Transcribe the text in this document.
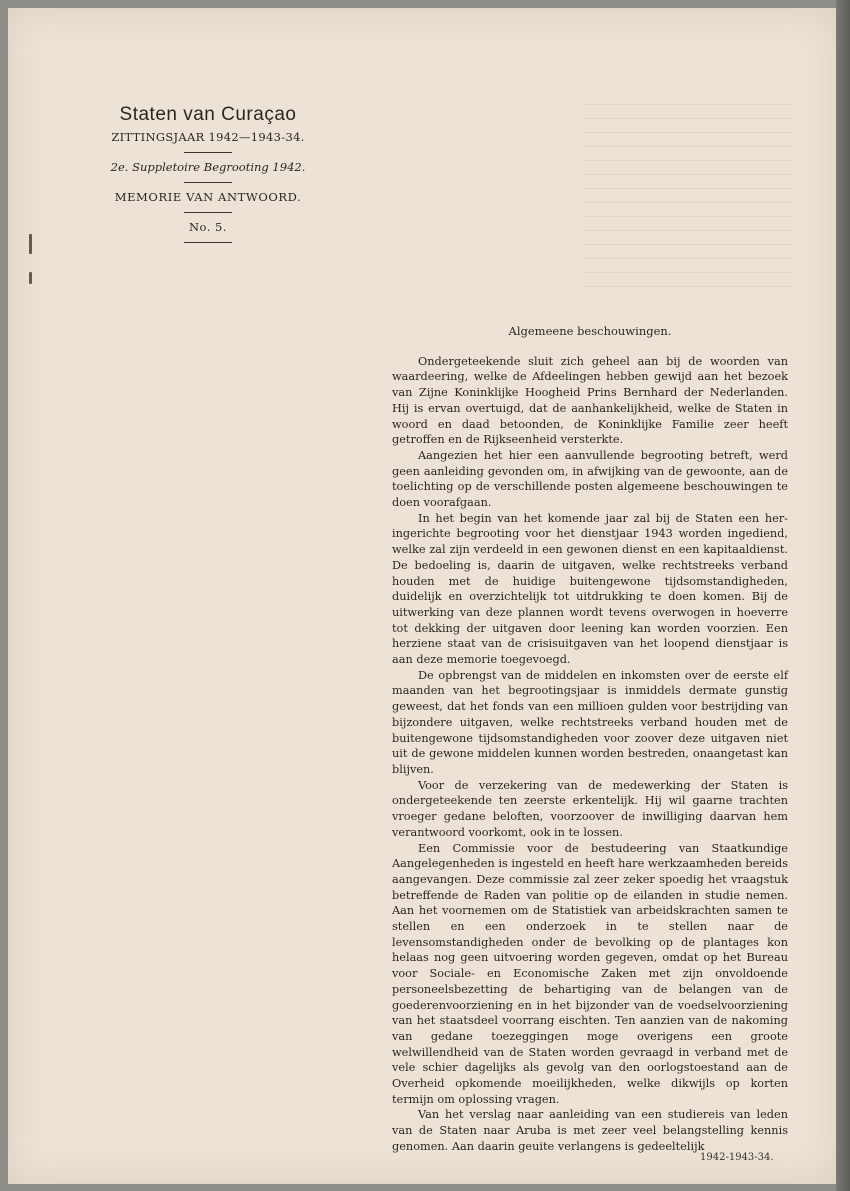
Staten van Curaçao
ZITTINGSJAAR 1942—1943-34.
2e. Suppletoire Begrooting 1942.
MEMORIE VAN ANTWOORD.
No. 5.
Algemeene beschouwingen.

Ondergeteekende sluit zich geheel aan bij de woorden van waardeering, welke de Afdeelingen hebben gewijd aan het bezoek van Zijne Koninklijke Hoogheid Prins Bernhard der Nederlanden. Hij is ervan overtuigd, dat de aanhankelijkheid, welke de Staten in woord en daad betoonden, de Koninklijke Familie zeer heeft getroffen en de Rijkseenheid versterkte.

Aangezien het hier een aanvullende begrooting betreft, werd geen aanleiding gevonden om, in afwijking van de gewoonte, aan de toelichting op de verschillende posten algemeene beschouwingen te doen voorafgaan.

In het begin van het komende jaar zal bij de Staten een her-ingerichte begrooting voor het dienstjaar 1943 worden ingediend, welke zal zijn verdeeld in een gewonen dienst en een kapitaaldienst. De bedoeling is, daarin de uitgaven, welke rechtstreeks verband houden met de huidige buitengewone tijdsomstandigheden, duidelijk en overzichtelijk tot uitdrukking te doen komen. Bij de uitwerking van deze plannen wordt tevens overwogen in hoeverre tot dekking der uitgaven door leening kan worden voorzien. Een herziene staat van de crisisuitgaven van het loopend dienstjaar is aan deze memorie toegevoegd.

De opbrengst van de middelen en inkomsten over de eerste elf maanden van het begrootingsjaar is inmiddels dermate gunstig geweest, dat het fonds van een millioen gulden voor bestrijding van bijzondere uitgaven, welke rechtstreeks verband houden met de buitengewone tijdsomstandigheden voor zoover deze uitgaven niet uit de gewone middelen kunnen worden bestreden, onaangetast kan blijven.

Voor de verzekering van de medewerking der Staten is ondergeteekende ten zeerste erkentelijk. Hij wil gaarne trachten vroeger gedane beloften, voorzoover de inwilliging daarvan hem verantwoord voorkomt, ook in te lossen.

Een Commissie voor de bestudeering van Staatkundige Aangelegenheden is ingesteld en heeft hare werkzaamheden bereids aangevangen. Deze commissie zal zeer zeker spoedig het vraagstuk betreffende de Raden van politie op de eilanden in studie nemen. Aan het voornemen om de Statistiek van arbeidskrachten samen te stellen en een onderzoek in te stellen naar de levensomstandigheden onder de bevolking op de plantages kon helaas nog geen uitvoering worden gegeven, omdat op het Bureau voor Sociale- en Economische Zaken met zijn onvoldoende personeelsbezetting de behartiging van de belangen van de goederenvoorziening en in het bijzonder van de voedselvoorziening van het staatsdeel voorrang eischten. Ten aanzien van de nakoming van gedane toezeggingen moge overigens een groote welwillendheid van de Staten worden gevraagd in verband met de vele schier dagelijks als gevolg van den oorlogstoestand aan de Overheid opkomende moeilijkheden, welke dikwijls op korten termijn om oplossing vragen.

Van het verslag naar aanleiding van een studiereis van leden van de Staten naar Aruba is met zeer veel belangstelling kennis genomen. Aan daarin geuite verlangens is gedeeltelijk

1942-1943-34.
